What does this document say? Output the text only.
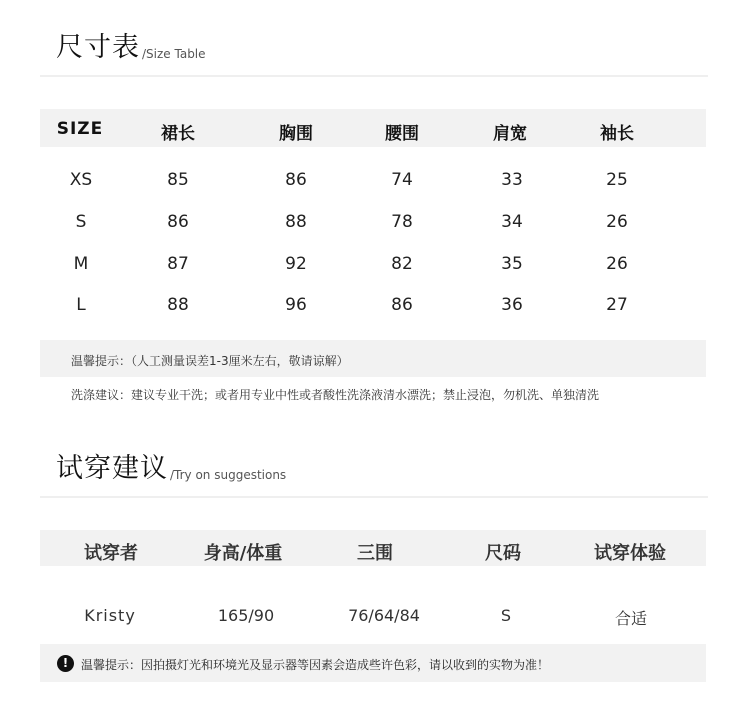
尺寸表 /Size Table
SIZE	裙长	胸围	腰围	肩宽	袖长
XS	85	86	74	33	25
S	86	88	78	34	26
M	87	92	82	35	26
L	88	96	86	36	27
温馨提示：（人工测量误差1-3厘米左右，敬请谅解）
洗涤建议：建议专业干洗；或者用专业中性或者酸性洗涤液清水漂洗；禁止浸泡，勿机洗、单独清洗
试穿建议 /Try on suggestions
试穿者	身高/体重	三围	尺码	试穿体验
Kristy	165/90	76/64/84	S	合适
!	温馨提示：因拍摄灯光和环境光及显示器等因素会造成些许色彩，请以收到的实物为准！
